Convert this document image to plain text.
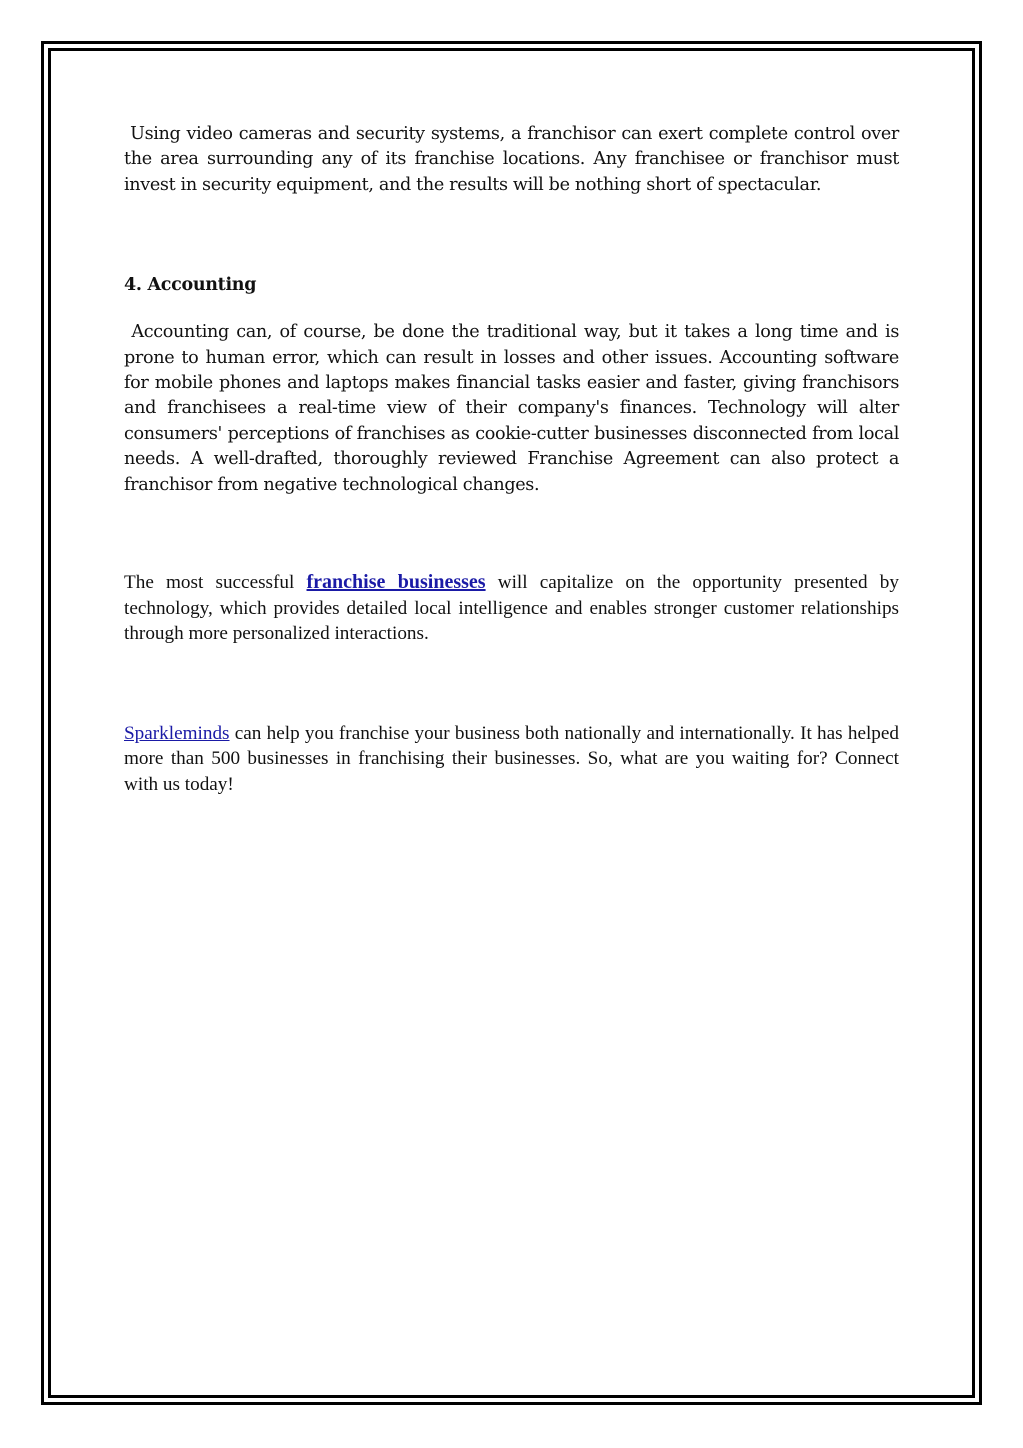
Using video cameras and security systems, a franchisor can exert complete control over the area surrounding any of its franchise locations. Any franchisee or franchisor must invest in security equipment, and the results will be nothing short of spectacular.

4. Accounting

Accounting can, of course, be done the traditional way, but it takes a long time and is prone to human error, which can result in losses and other issues. Accounting software for mobile phones and laptops makes financial tasks easier and faster, giving franchisors and franchisees a real-time view of their company's finances. Technology will alter consumers' perceptions of franchises as cookie-cutter businesses disconnected from local needs. A well-drafted, thoroughly reviewed Franchise Agreement can also protect a franchisor from negative technological changes.

The most successful franchise businesses will capitalize on the opportunity presented by technology, which provides detailed local intelligence and enables stronger customer relationships through more personalized interactions.

Sparkleminds can help you franchise your business both nationally and internationally. It has helped more than 500 businesses in franchising their businesses. So, what are you waiting for? Connect with us today!
